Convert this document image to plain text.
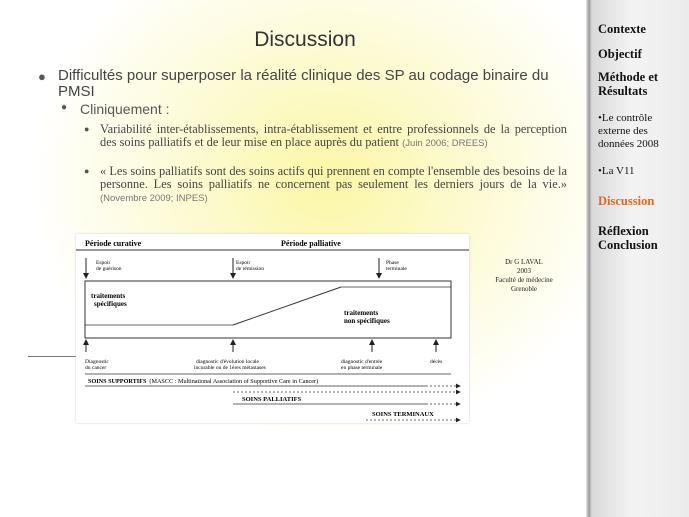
Discussion
● Difficultés pour superposer la réalité clinique des SP au codage binaire du PMSI
● Cliniquement :
● Variabilité inter-établissements, intra-établissement et entre professionnels de la perception des soins palliatifs et de leur mise en place auprès du patient (Juin 2006; DREES)
● « Les soins palliatifs sont des soins actifs qui prennent en compte l'ensemble des besoins de la personne. Les soins palliatifs ne concernent pas seulement les derniers jours de la vie.» (Novembre 2009; INPES)
Période curative	Période palliative
Espoir
de guérison
Espoir
de rémission
Phase
terminale
traitements
spécifiques
traitements
non spécifiques
Diagnostic
du cancer
diagnostic d'évolution locale
incurable ou de 1ères métastases
diagnostic d'entrée
en phase terminale
décès
SOINS SUPPORTIFS (MASCC : Multinational Association of Supportive Care in Cancer)
SOINS PALLIATIFS
SOINS TERMINAUX
Dr G LAVAL
2003
Faculté de médecine
Grenoble
Contexte
Objectif
Méthode et
Résultats
•Le contrôle
externe des
données 2008
•La V11
Discussion
Réflexion
Conclusion
